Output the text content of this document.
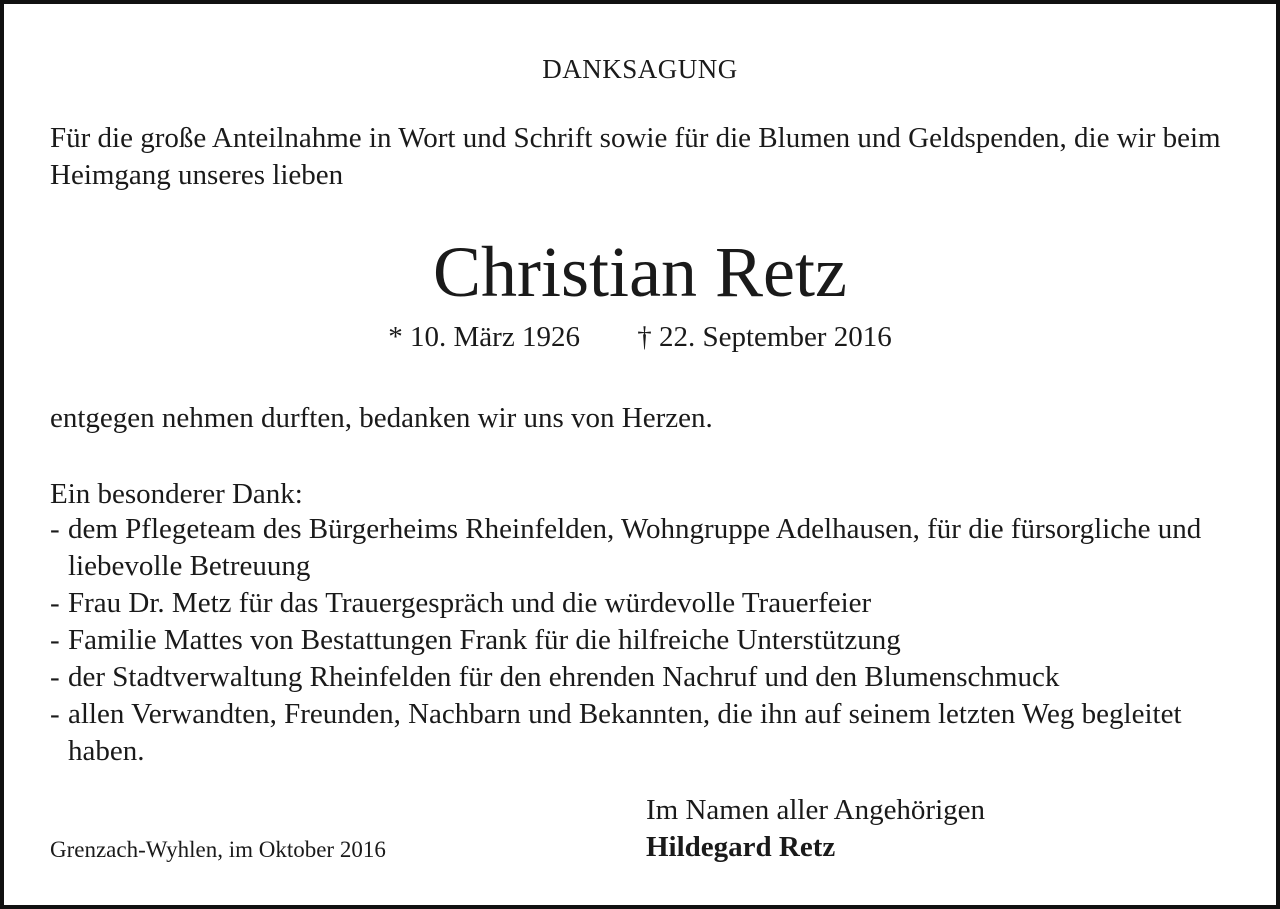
DANKSAGUNG
Für die große Anteilnahme in Wort und Schrift sowie für die Blumen und Geldspenden, die wir beim Heimgang unseres lieben
Christian Retz
* 10. März 1926 † 22. September 2016
entgegen nehmen durften, bedanken wir uns von Herzen.
Ein besonderer Dank:
- dem Pflegeteam des Bürgerheims Rheinfelden, Wohngruppe Adelhausen, für die fürsorgliche und liebevolle Betreuung
- Frau Dr. Metz für das Trauergespräch und die würdevolle Trauerfeier
- Familie Mattes von Bestattungen Frank für die hilfreiche Unterstützung
- der Stadtverwaltung Rheinfelden für den ehrenden Nachruf und den Blumenschmuck
- allen Verwandten, Freunden, Nachbarn und Bekannten, die ihn auf seinem letzten Weg begleitet haben.
Im Namen aller Angehörigen
Hildegard Retz
Grenzach-Wyhlen, im Oktober 2016
